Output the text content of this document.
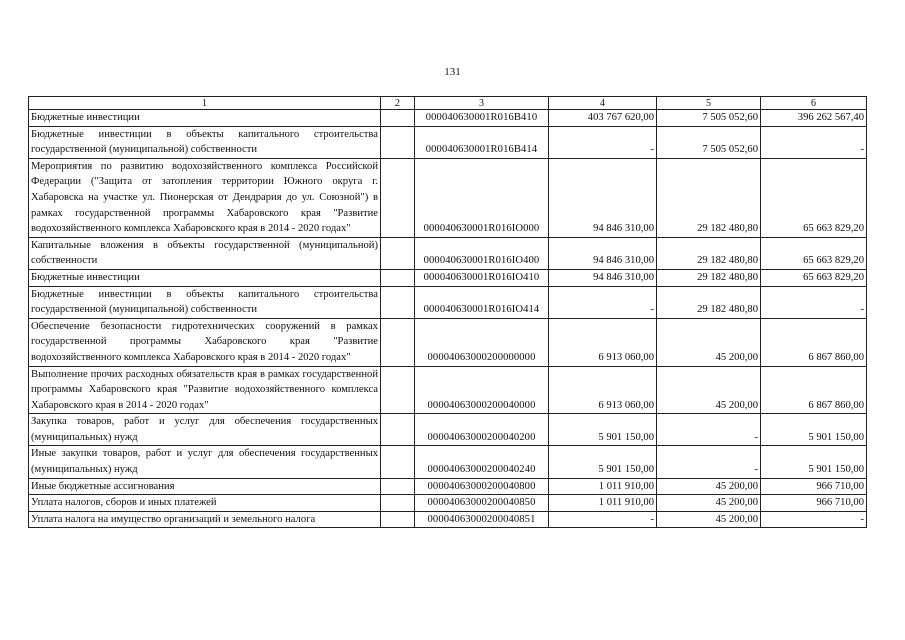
131
1	2	3	4	5	6
Бюджетные инвестиции		000040630001R016B410	403 767 620,00	7 505 052,60	396 262 567,40
Бюджетные инвестиции в объекты капитального строительства государственной (муниципальной) собственности		000040630001R016B414	-	7 505 052,60	-
Мероприятия по развитию водохозяйственного комплекса Российской Федерации ("Защита от затопления территории Южного округа г. Хабаровска на участке ул. Пионерская от Дендрария до ул. Союзной") в рамках государственной программы Хабаровского края "Развитие водохозяйственного комплекса Хабаровского края в 2014 - 2020 годах"		000040630001R016IO000	94 846 310,00	29 182 480,80	65 663 829,20
Капитальные вложения в объекты государственной (муниципальной) собственности		000040630001R016IO400	94 846 310,00	29 182 480,80	65 663 829,20
Бюджетные инвестиции		000040630001R016IO410	94 846 310,00	29 182 480,80	65 663 829,20
Бюджетные инвестиции в объекты капитального строительства государственной (муниципальной) собственности		000040630001R016IO414	-	29 182 480,80	-
Обеспечение безопасности гидротехнических сооружений в рамках государственной программы Хабаровского края "Развитие водохозяйственного комплекса Хабаровского края в 2014 - 2020 годах"		00004063000200000000	6 913 060,00	45 200,00	6 867 860,00
Выполнение прочих расходных обязательств края в рамках государственной программы Хабаровского края "Развитие водохозяйственного комплекса Хабаровского края в 2014 - 2020 годах"		00004063000200040000	6 913 060,00	45 200,00	6 867 860,00
Закупка товаров, работ и услуг для обеспечения государственных (муниципальных) нужд		00004063000200040200	5 901 150,00	-	5 901 150,00
Иные закупки товаров, работ и услуг для обеспечения государственных (муниципальных) нужд		00004063000200040240	5 901 150,00	-	5 901 150,00
Иные бюджетные ассигнования		00004063000200040800	1 011 910,00	45 200,00	966 710,00
Уплата налогов, сборов и иных платежей		00004063000200040850	1 011 910,00	45 200,00	966 710,00
Уплата налога на имущество организаций и земельного налога		00004063000200040851	-	45 200,00	-
